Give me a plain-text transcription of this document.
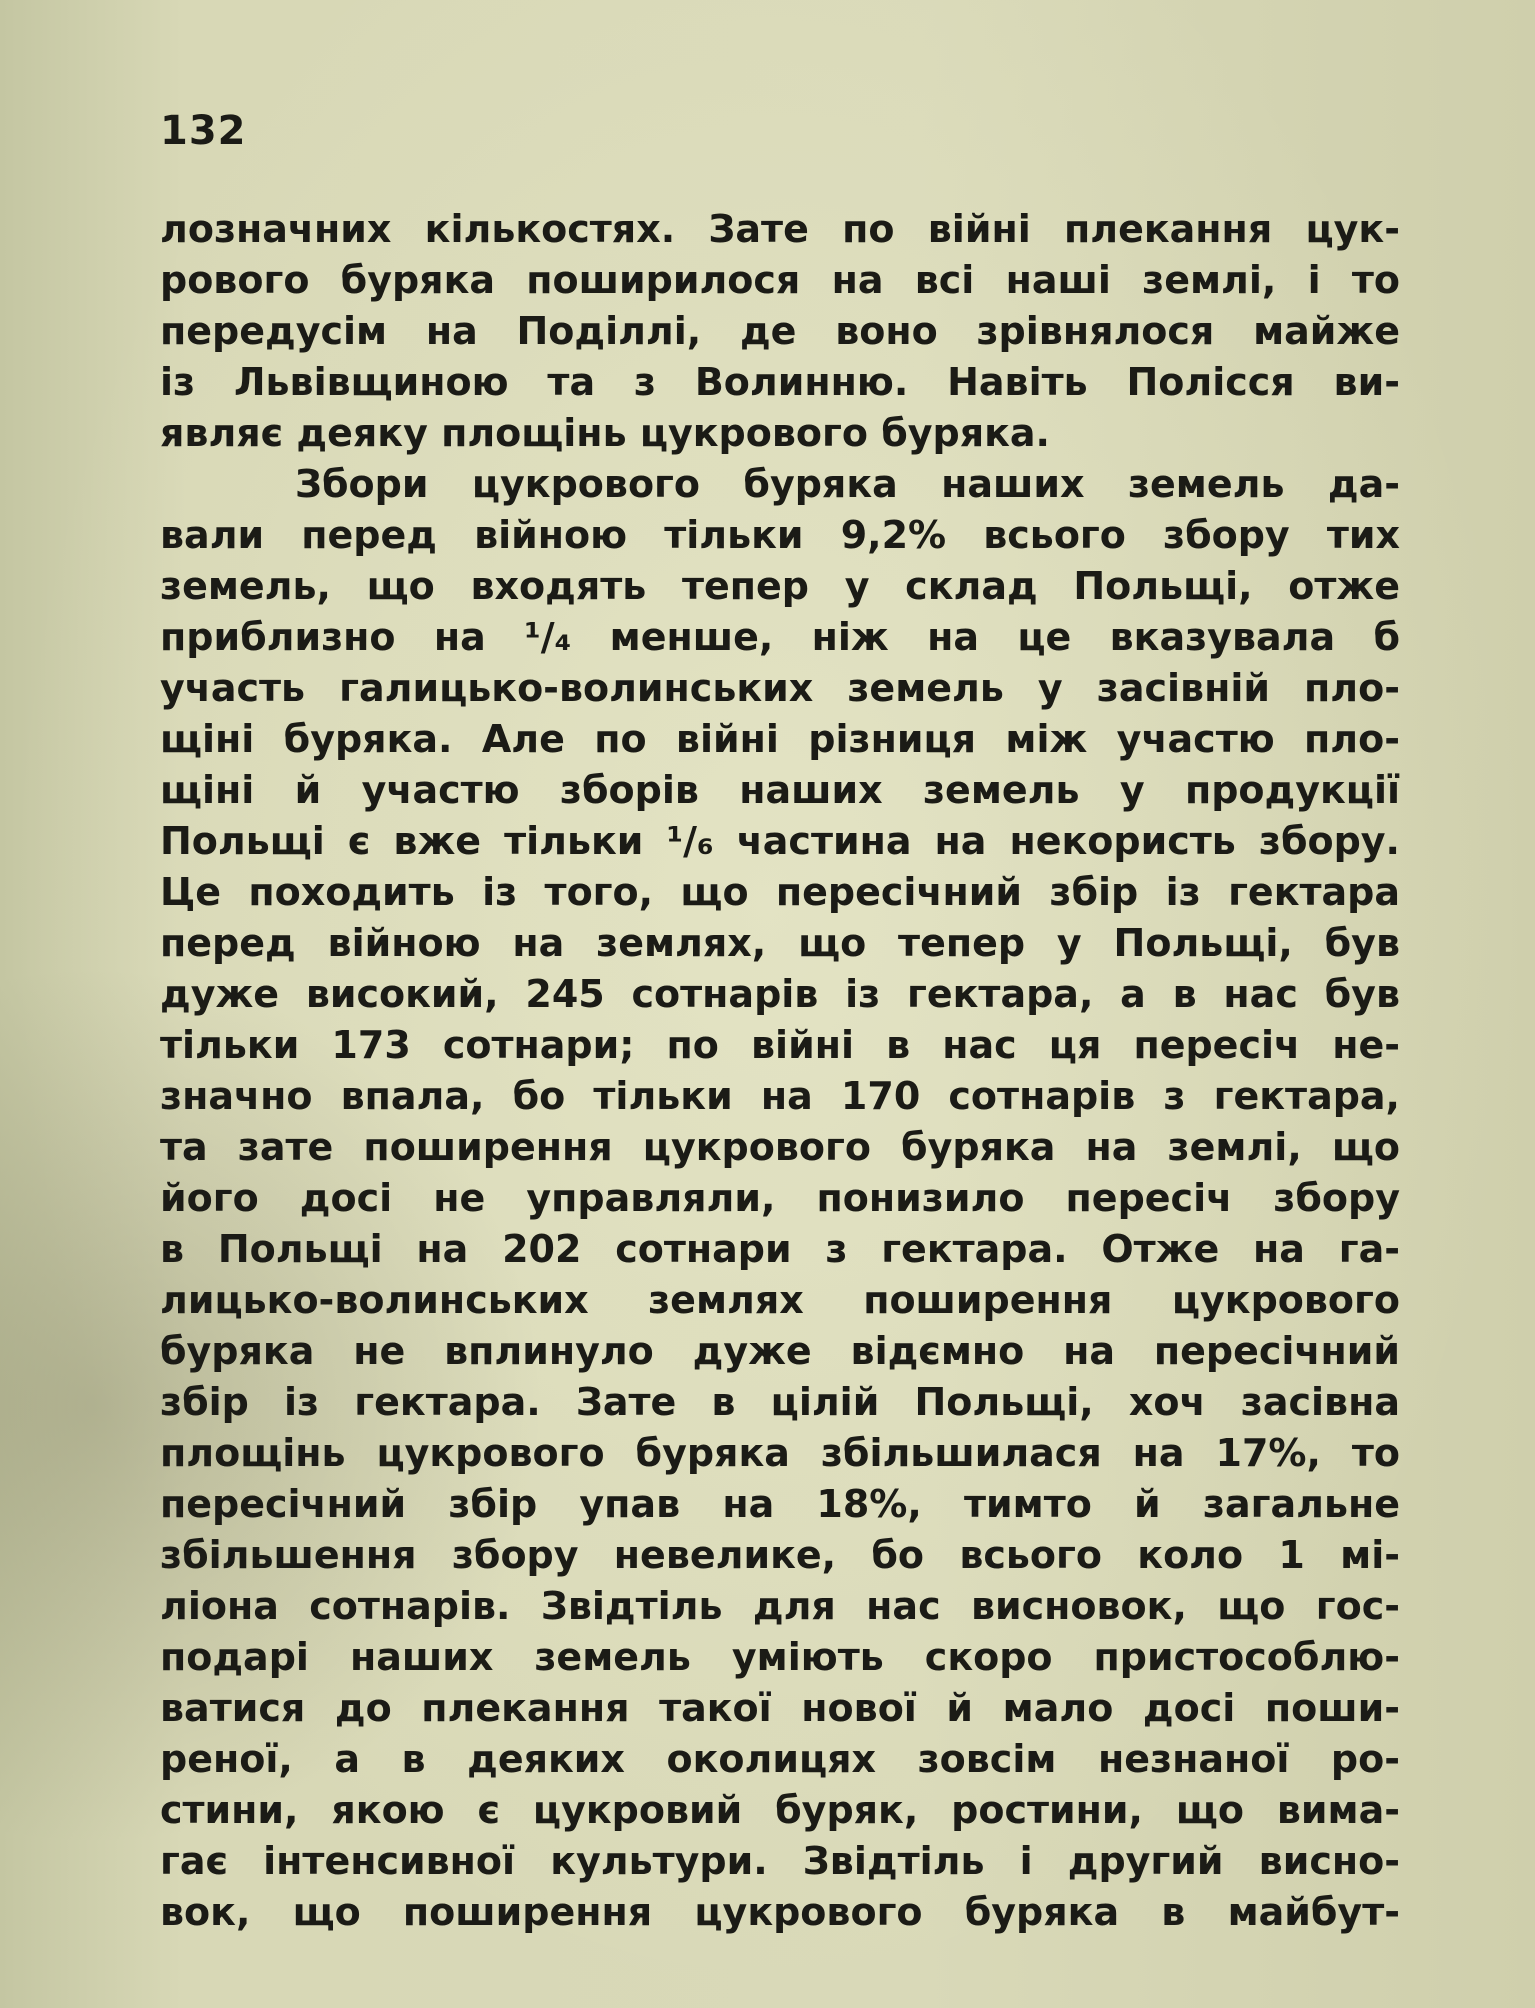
132

лозначних кількостях. Зате по війні плекання цук-
рового буряка поширилося на всі наші землі, і то
передусім на Поділлі, де воно зрівнялося майже
із Львівщиною та з Волинню. Навіть Полісся ви-
являє деяку площінь цукрового буряка.
Збори цукрового буряка наших земель да-
вали перед війною тільки 9,2% всього збору тих
земель, що входять тепер у склад Польщі, отже
приблизно на ¹/₄ менше, ніж на це вказувала б
участь галицько-волинських земель у засівній пло-
щіні буряка. Але по війні різниця між участю пло-
щіні й участю зборів наших земель у продукції
Польщі є вже тільки ¹/₆ частина на некористь збору.
Це походить із того, що пересічний збір із гектара
перед війною на землях, що тепер у Польщі, був
дуже високий, 245 сотнарів із гектара, а в нас був
тільки 173 сотнари; по війні в нас ця пересіч не-
значно впала, бо тільки на 170 сотнарів з гектара,
та зате поширення цукрового буряка на землі, що
його досі не управляли, понизило пересіч збору
в Польщі на 202 сотнари з гектара. Отже на га-
лицько-волинських землях поширення цукрового
буряка не вплинуло дуже відємно на пересічний
збір із гектара. Зате в цілій Польщі, хоч засівна
площінь цукрового буряка збільшилася на 17%, то
пересічний збір упав на 18%, тимто й загальне
збільшення збору невелике, бо всього коло 1 мі-
ліона сотнарів. Звідтіль для нас висновок, що гос-
подарі наших земель уміють скоро пристособлю-
ватися до плекання такої нової й мало досі поши-
реної, а в деяких околицях зовсім незнаної ро-
стини, якою є цукровий буряк, ростини, що вима-
гає інтенсивної культури. Звідтіль і другий висно-
вок, що поширення цукрового буряка в майбут-
